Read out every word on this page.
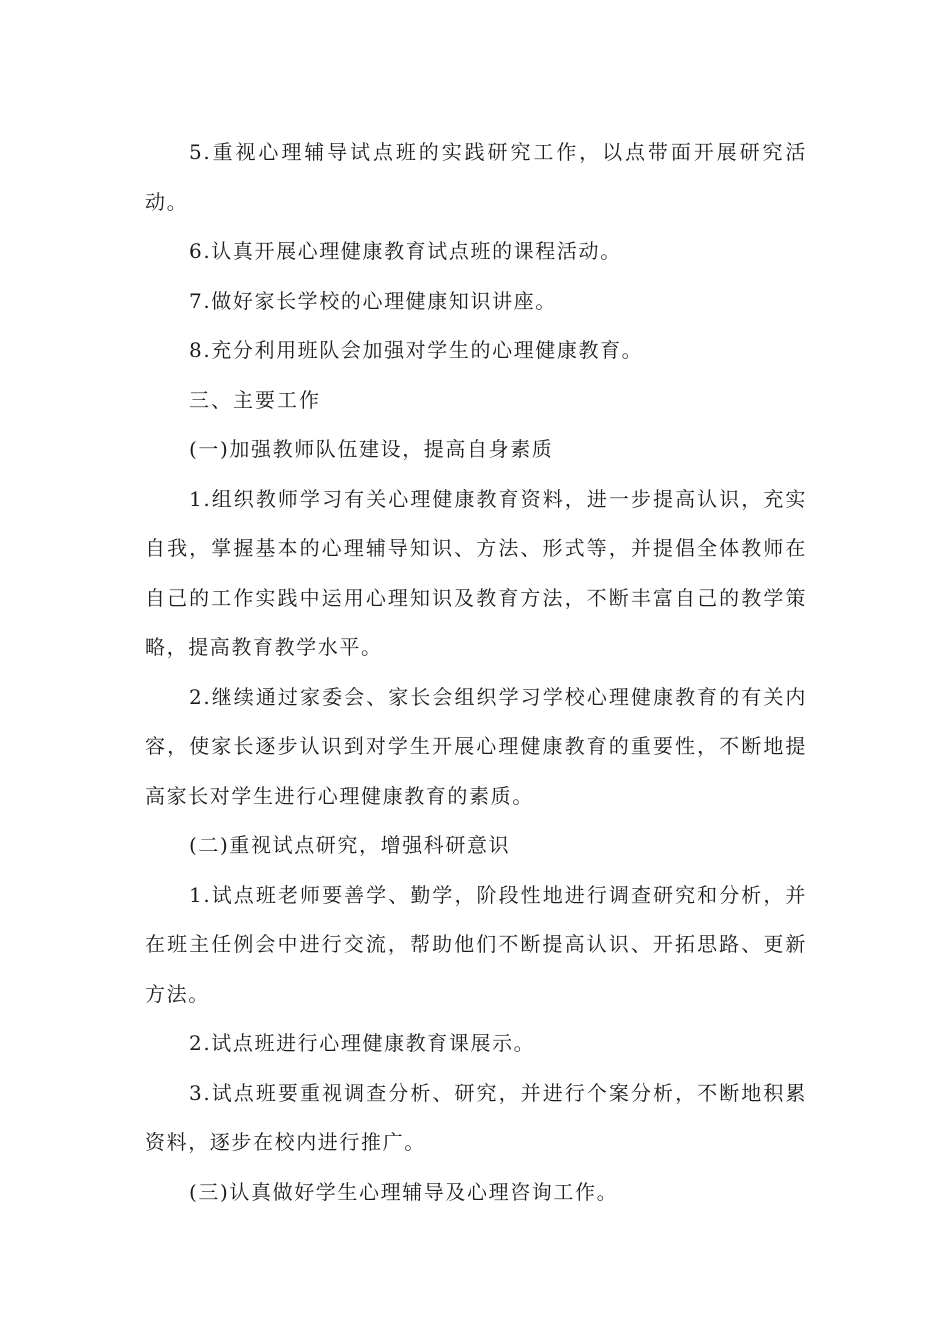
5.重视心理辅导试点班的实践研究工作，以点带面开展研究活动。

6.认真开展心理健康教育试点班的课程活动。

7.做好家长学校的心理健康知识讲座。

8.充分利用班队会加强对学生的心理健康教育。

三、主要工作

(一)加强教师队伍建设，提高自身素质

1.组织教师学习有关心理健康教育资料，进一步提高认识，充实自我，掌握基本的心理辅导知识、方法、形式等，并提倡全体教师在自己的工作实践中运用心理知识及教育方法，不断丰富自己的教学策略，提高教育教学水平。

2.继续通过家委会、家长会组织学习学校心理健康教育的有关内容，使家长逐步认识到对学生开展心理健康教育的重要性，不断地提高家长对学生进行心理健康教育的素质。

(二)重视试点研究，增强科研意识

1.试点班老师要善学、勤学，阶段性地进行调查研究和分析，并在班主任例会中进行交流，帮助他们不断提高认识、开拓思路、更新方法。

2.试点班进行心理健康教育课展示。

3.试点班要重视调查分析、研究，并进行个案分析，不断地积累资料，逐步在校内进行推广。

(三)认真做好学生心理辅导及心理咨询工作。
